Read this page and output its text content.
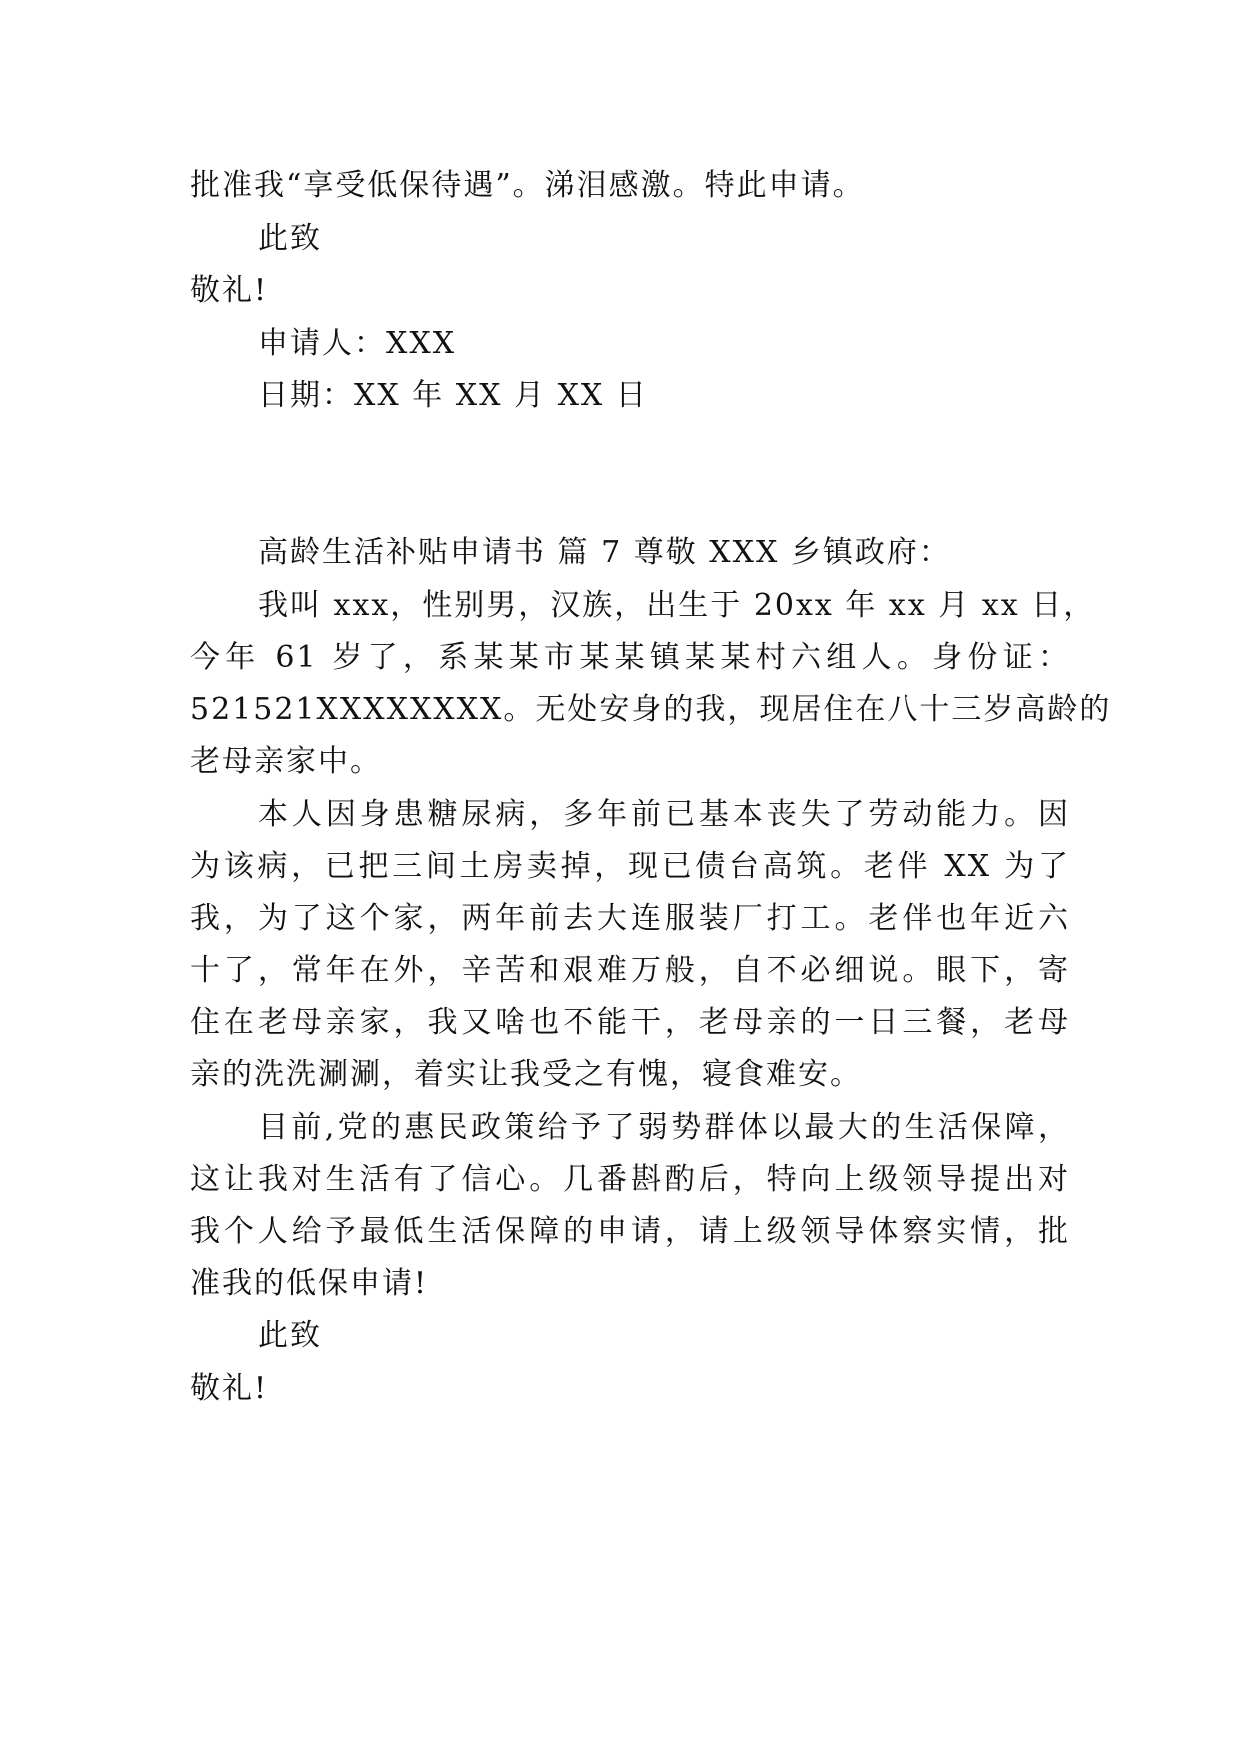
批准我“享受低保待遇”。涕泪感激。特此申请。
此致
敬礼!
申请人：XXX
日期：XX 年 XX 月 XX 日
高龄生活补贴申请书 篇 7 尊敬 XXX 乡镇政府：
我叫 xxx，性别男，汉族，出生于 20xx 年 xx 月 xx 日，
今年 61 岁了，系某某市某某镇某某村六组人。身份证：
521521XXXXXXXX。无处安身的我，现居住在八十三岁高龄的
老母亲家中。
本人因身患糖尿病，多年前已基本丧失了劳动能力。因
为该病，已把三间土房卖掉，现已债台高筑。老伴 XX 为了
我，为了这个家，两年前去大连服装厂打工。老伴也年近六
十了，常年在外，辛苦和艰难万般，自不必细说。眼下，寄
住在老母亲家，我又啥也不能干，老母亲的一日三餐，老母
亲的洗洗涮涮，着实让我受之有愧，寝食难安。
目前,党的惠民政策给予了弱势群体以最大的生活保障，
这让我对生活有了信心。几番斟酌后，特向上级领导提出对
我个人给予最低生活保障的申请，请上级领导体察实情，批
准我的低保申请!
此致
敬礼!
